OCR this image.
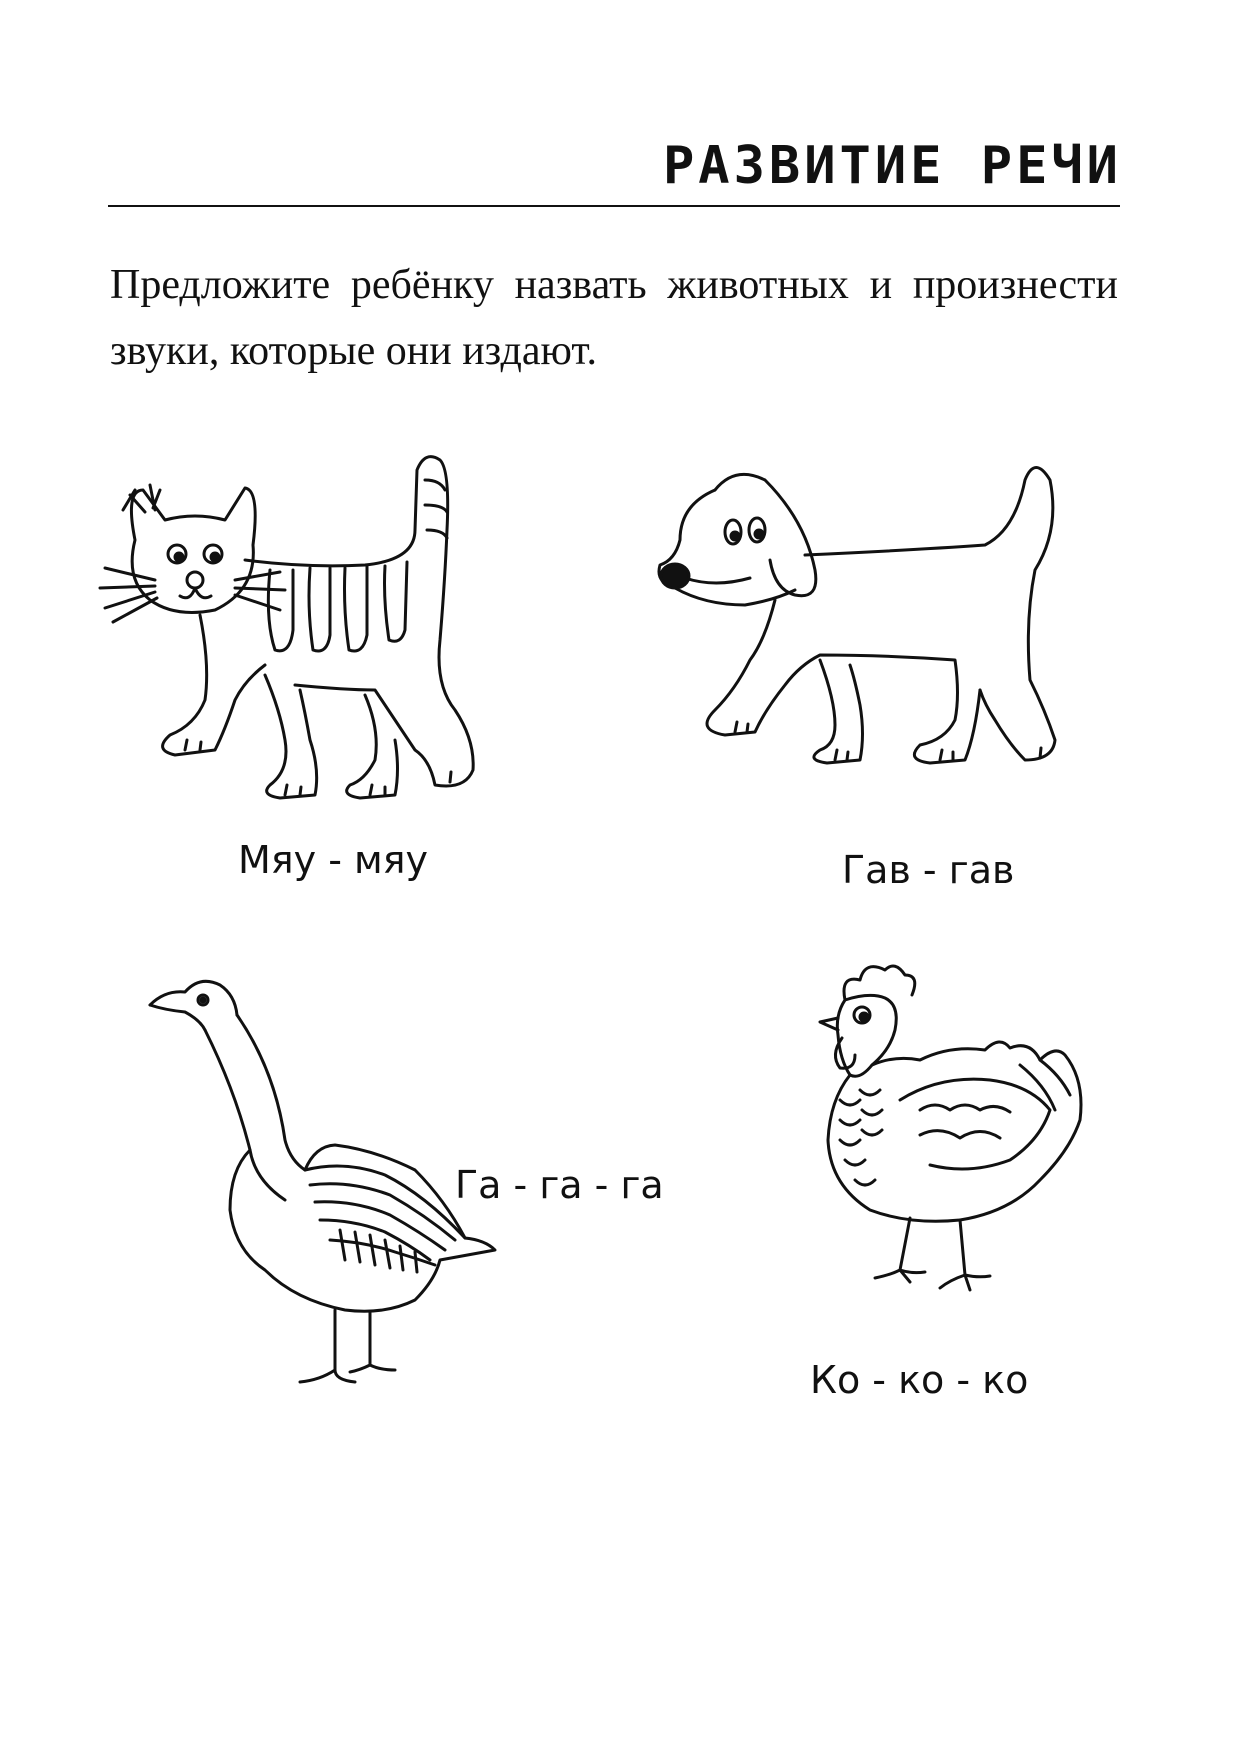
РАЗВИТИЕ РЕЧИ
Предложите ребёнку назвать животных и произнести звуки, которые они издают.
Мяу - мяу	Гав - гав
Га - га - га
Ко - ко - ко
